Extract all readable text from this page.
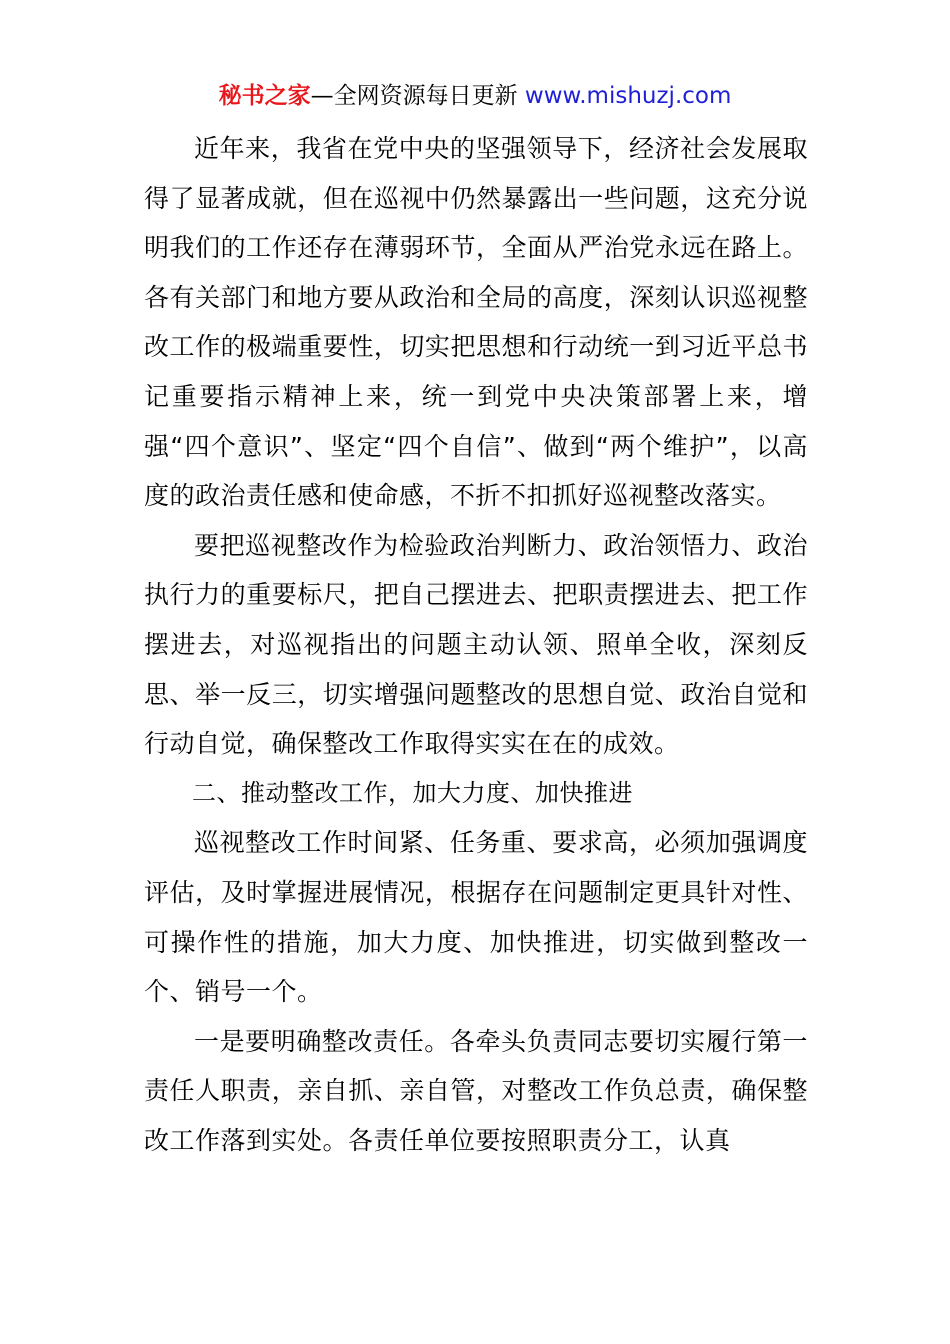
秘书之家—全网资源每日更新 www.mishuzj.com

近年来，我省在党中央的坚强领导下，经济社会发展取得了显著成就，但在巡视中仍然暴露出一些问题，这充分说明我们的工作还存在薄弱环节，全面从严治党永远在路上。各有关部门和地方要从政治和全局的高度，深刻认识巡视整改工作的极端重要性，切实把思想和行动统一到习近平总书记重要指示精神上来，统一到党中央决策部署上来，增强“四个意识”、坚定“四个自信”、做到“两个维护”，以高度的政治责任感和使命感，不折不扣抓好巡视整改落实。

要把巡视整改作为检验政治判断力、政治领悟力、政治执行力的重要标尺，把自己摆进去、把职责摆进去、把工作摆进去，对巡视指出的问题主动认领、照单全收，深刻反思、举一反三，切实增强问题整改的思想自觉、政治自觉和行动自觉，确保整改工作取得实实在在的成效。

二、推动整改工作，加大力度、加快推进

巡视整改工作时间紧、任务重、要求高，必须加强调度评估，及时掌握进展情况，根据存在问题制定更具针对性、可操作性的措施，加大力度、加快推进，切实做到整改一个、销号一个。

一是要明确整改责任。各牵头负责同志要切实履行第一责任人职责，亲自抓、亲自管，对整改工作负总责，确保整改工作落到实处。各责任单位要按照职责分工，认真
